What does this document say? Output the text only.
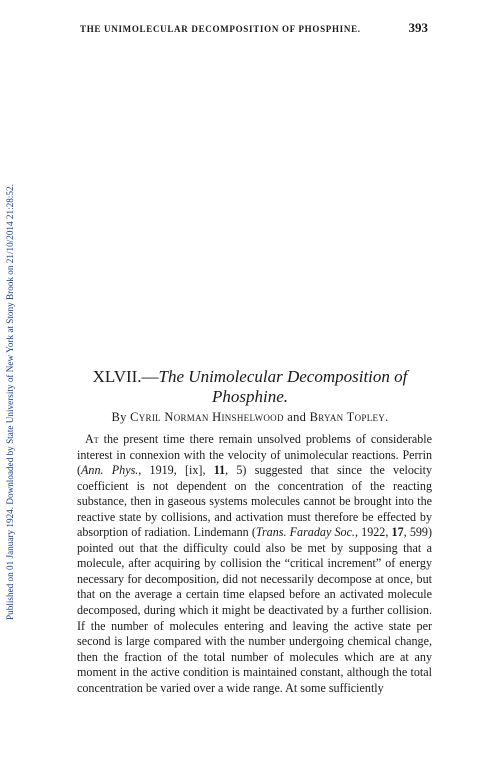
Published on 01 January 1924. Downloaded by State University of New York at Stony Brook on 21/10/2014 21:28:52.
THE UNIMOLECULAR DECOMPOSITION OF PHOSPHINE.	393
XLVII.—The Unimolecular Decomposition of
Phosphine.
By Cyril Norman Hinshelwood and Bryan Topley.

At the present time there remain unsolved problems of considerable interest in connexion with the velocity of unimolecular reactions. Perrin (Ann. Phys., 1919, [ix], 11, 5) suggested that since the velocity coefficient is not dependent on the concentration of the reacting substance, then in gaseous systems molecules cannot be brought into the reactive state by collisions, and activation must therefore be effected by absorption of radiation. Lindemann (Trans. Faraday Soc., 1922, 17, 599) pointed out that the difficulty could also be met by supposing that a molecule, after acquiring by collision the “critical increment” of energy necessary for decomposition, did not necessarily decompose at once, but that on the average a certain time elapsed before an activated molecule decomposed, during which it might be deactivated by a further collision. If the number of molecules entering and leaving the active state per second is large compared with the number undergoing chemical change, then the fraction of the total number of molecules which are at any moment in the active condition is maintained constant, although the total concentration be varied over a wide range. At some sufficiently
